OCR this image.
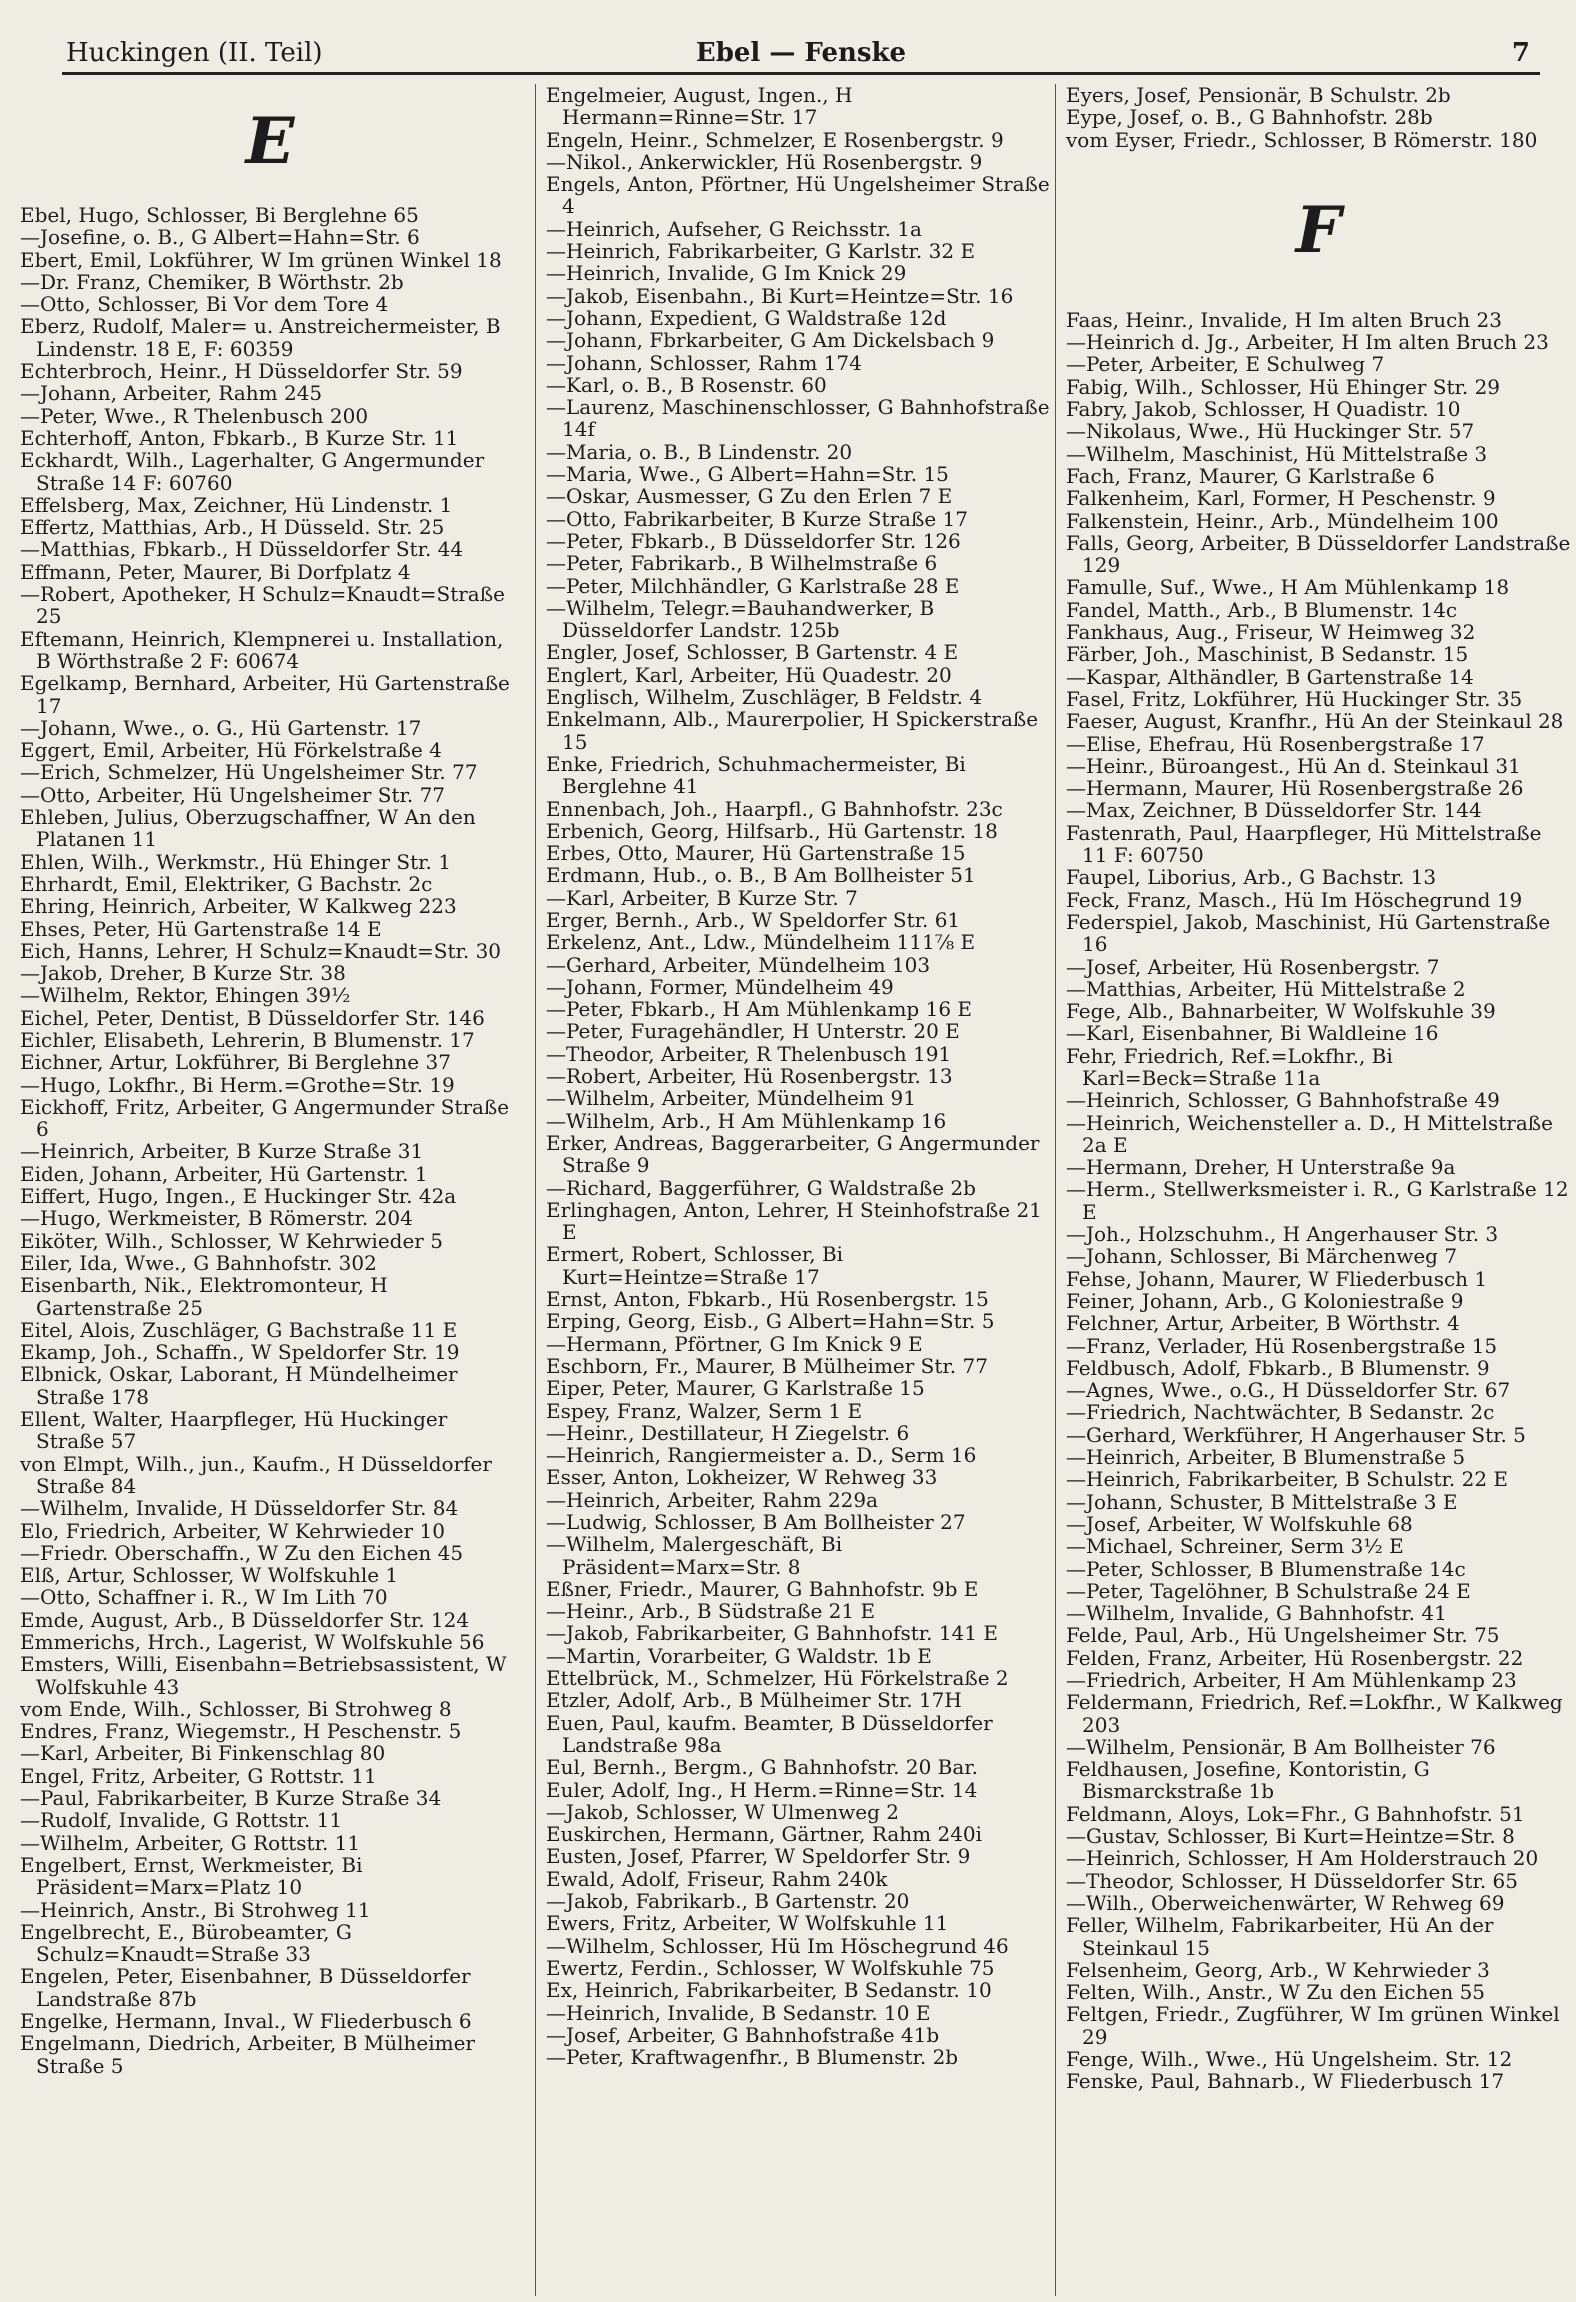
Huckingen (II. Teil)	Ebel — Fenske	7
E

Ebel, Hugo, Schlosser, Bi Berglehne 65

—Josefine, o. B., G Albert=Hahn=Str. 6

Ebert, Emil, Lokführer, W Im grünen Winkel 18

—Dr. Franz, Chemiker, B Wörthstr. 2b

—Otto, Schlosser, Bi Vor dem Tore 4

Eberz, Rudolf, Maler= u. Anstreichermeister, B Lindenstr. 18 E, F: 60359

Echterbroch, Heinr., H Düsseldorfer Str. 59

—Johann, Arbeiter, Rahm 245

—Peter, Wwe., R Thelenbusch 200

Echterhoff, Anton, Fbkarb., B Kurze Str. 11

Eckhardt, Wilh., Lagerhalter, G Angermunder Straße 14 F: 60760

Effelsberg, Max, Zeichner, Hü Lindenstr. 1

Effertz, Matthias, Arb., H Düsseld. Str. 25

—Matthias, Fbkarb., H Düsseldorfer Str. 44

Effmann, Peter, Maurer, Bi Dorfplatz 4

—Robert, Apotheker, H Schulz=Knaudt=Straße 25

Eftemann, Heinrich, Klempnerei u. Installation, B Wörthstraße 2 F: 60674

Egelkamp, Bernhard, Arbeiter, Hü Gartenstraße 17

—Johann, Wwe., o. G., Hü Gartenstr. 17

Eggert, Emil, Arbeiter, Hü Förkelstraße 4

—Erich, Schmelzer, Hü Ungelsheimer Str. 77

—Otto, Arbeiter, Hü Ungelsheimer Str. 77

Ehleben, Julius, Oberzugschaffner, W An den Platanen 11

Ehlen, Wilh., Werkmstr., Hü Ehinger Str. 1

Ehrhardt, Emil, Elektriker, G Bachstr. 2c

Ehring, Heinrich, Arbeiter, W Kalkweg 223

Ehses, Peter, Hü Gartenstraße 14 E

Eich, Hanns, Lehrer, H Schulz=Knaudt=Str. 30

—Jakob, Dreher, B Kurze Str. 38

—Wilhelm, Rektor, Ehingen 39½

Eichel, Peter, Dentist, B Düsseldorfer Str. 146

Eichler, Elisabeth, Lehrerin, B Blumenstr. 17

Eichner, Artur, Lokführer, Bi Berglehne 37

—Hugo, Lokfhr., Bi Herm.=Grothe=Str. 19

Eickhoff, Fritz, Arbeiter, G Angermunder Straße 6

—Heinrich, Arbeiter, B Kurze Straße 31

Eiden, Johann, Arbeiter, Hü Gartenstr. 1

Eiffert, Hugo, Ingen., E Huckinger Str. 42a

—Hugo, Werkmeister, B Römerstr. 204

Eiköter, Wilh., Schlosser, W Kehrwieder 5

Eiler, Ida, Wwe., G Bahnhofstr. 302

Eisenbarth, Nik., Elektromonteur, H Gartenstraße 25

Eitel, Alois, Zuschläger, G Bachstraße 11 E

Ekamp, Joh., Schaffn., W Speldorfer Str. 19

Elbnick, Oskar, Laborant, H Mündelheimer Straße 178

Ellent, Walter, Haarpfleger, Hü Huckinger Straße 57

von Elmpt, Wilh., jun., Kaufm., H Düsseldorfer Straße 84

—Wilhelm, Invalide, H Düsseldorfer Str. 84

Elo, Friedrich, Arbeiter, W Kehrwieder 10

—Friedr. Oberschaffn., W Zu den Eichen 45

Elß, Artur, Schlosser, W Wolfskuhle 1

—Otto, Schaffner i. R., W Im Lith 70

Emde, August, Arb., B Düsseldorfer Str. 124

Emmerichs, Hrch., Lagerist, W Wolfskuhle 56

Emsters, Willi, Eisenbahn=Betriebsassistent, W Wolfskuhle 43

vom Ende, Wilh., Schlosser, Bi Strohweg 8

Endres, Franz, Wiegemstr., H Peschenstr. 5

—Karl, Arbeiter, Bi Finkenschlag 80

Engel, Fritz, Arbeiter, G Rottstr. 11

—Paul, Fabrikarbeiter, B Kurze Straße 34

—Rudolf, Invalide, G Rottstr. 11

—Wilhelm, Arbeiter, G Rottstr. 11

Engelbert, Ernst, Werkmeister, Bi Präsident=Marx=Platz 10

—Heinrich, Anstr., Bi Strohweg 11

Engelbrecht, E., Bürobeamter, G Schulz=Knaudt=Straße 33

Engelen, Peter, Eisenbahner, B Düsseldorfer Landstraße 87b

Engelke, Hermann, Inval., W Fliederbusch 6

Engelmann, Diedrich, Arbeiter, B Mülheimer Straße 5

Engelmeier, August, Ingen., H Hermann=Rinne=Str. 17

Engeln, Heinr., Schmelzer, E Rosenbergstr. 9

—Nikol., Ankerwickler, Hü Rosenbergstr. 9

Engels, Anton, Pförtner, Hü Ungelsheimer Straße 4

—Heinrich, Aufseher, G Reichsstr. 1a

—Heinrich, Fabrikarbeiter, G Karlstr. 32 E

—Heinrich, Invalide, G Im Knick 29

—Jakob, Eisenbahn., Bi Kurt=Heintze=Str. 16

—Johann, Expedient, G Waldstraße 12d

—Johann, Fbrkarbeiter, G Am Dickelsbach 9

—Johann, Schlosser, Rahm 174

—Karl, o. B., B Rosenstr. 60

—Laurenz, Maschinenschlosser, G Bahnhofstraße 14f

—Maria, o. B., B Lindenstr. 20

—Maria, Wwe., G Albert=Hahn=Str. 15

—Oskar, Ausmesser, G Zu den Erlen 7 E

—Otto, Fabrikarbeiter, B Kurze Straße 17

—Peter, Fbkarb., B Düsseldorfer Str. 126

—Peter, Fabrikarb., B Wilhelmstraße 6

—Peter, Milchhändler, G Karlstraße 28 E

—Wilhelm, Telegr.=Bauhandwerker, B Düsseldorfer Landstr. 125b

Engler, Josef, Schlosser, B Gartenstr. 4 E

Englert, Karl, Arbeiter, Hü Quadestr. 20

Englisch, Wilhelm, Zuschläger, B Feldstr. 4

Enkelmann, Alb., Maurerpolier, H Spickerstraße 15

Enke, Friedrich, Schuhmachermeister, Bi Berglehne 41

Ennenbach, Joh., Haarpfl., G Bahnhofstr. 23c

Erbenich, Georg, Hilfsarb., Hü Gartenstr. 18

Erbes, Otto, Maurer, Hü Gartenstraße 15

Erdmann, Hub., o. B., B Am Bollheister 51

—Karl, Arbeiter, B Kurze Str. 7

Erger, Bernh., Arb., W Speldorfer Str. 61

Erkelenz, Ant., Ldw., Mündelheim 111⅞ E

—Gerhard, Arbeiter, Mündelheim 103

—Johann, Former, Mündelheim 49

—Peter, Fbkarb., H Am Mühlenkamp 16 E

—Peter, Furagehändler, H Unterstr. 20 E

—Theodor, Arbeiter, R Thelenbusch 191

—Robert, Arbeiter, Hü Rosenbergstr. 13

—Wilhelm, Arbeiter, Mündelheim 91

—Wilhelm, Arb., H Am Mühlenkamp 16

Erker, Andreas, Baggerarbeiter, G Angermunder Straße 9

—Richard, Baggerführer, G Waldstraße 2b

Erlinghagen, Anton, Lehrer, H Steinhofstraße 21 E

Ermert, Robert, Schlosser, Bi Kurt=Heintze=Straße 17

Ernst, Anton, Fbkarb., Hü Rosenbergstr. 15

Erping, Georg, Eisb., G Albert=Hahn=Str. 5

—Hermann, Pförtner, G Im Knick 9 E

Eschborn, Fr., Maurer, B Mülheimer Str. 77

Eiper, Peter, Maurer, G Karlstraße 15

Espey, Franz, Walzer, Serm 1 E

—Heinr., Destillateur, H Ziegelstr. 6

—Heinrich, Rangiermeister a. D., Serm 16

Esser, Anton, Lokheizer, W Rehweg 33

—Heinrich, Arbeiter, Rahm 229a

—Ludwig, Schlosser, B Am Bollheister 27

—Wilhelm, Malergeschäft, Bi Präsident=Marx=Str. 8

Eßner, Friedr., Maurer, G Bahnhofstr. 9b E

—Heinr., Arb., B Südstraße 21 E

—Jakob, Fabrikarbeiter, G Bahnhofstr. 141 E

—Martin, Vorarbeiter, G Waldstr. 1b E

Ettelbrück, M., Schmelzer, Hü Förkelstraße 2

Etzler, Adolf, Arb., B Mülheimer Str. 17H

Euen, Paul, kaufm. Beamter, B Düsseldorfer Landstraße 98a

Eul, Bernh., Bergm., G Bahnhofstr. 20 Bar.

Euler, Adolf, Ing., H Herm.=Rinne=Str. 14

—Jakob, Schlosser, W Ulmenweg 2

Euskirchen, Hermann, Gärtner, Rahm 240i

Eusten, Josef, Pfarrer, W Speldorfer Str. 9

Ewald, Adolf, Friseur, Rahm 240k

—Jakob, Fabrikarb., B Gartenstr. 20

Ewers, Fritz, Arbeiter, W Wolfskuhle 11

—Wilhelm, Schlosser, Hü Im Höschegrund 46

Ewertz, Ferdin., Schlosser, W Wolfskuhle 75

Ex, Heinrich, Fabrikarbeiter, B Sedanstr. 10

—Heinrich, Invalide, B Sedanstr. 10 E

—Josef, Arbeiter, G Bahnhofstraße 41b

—Peter, Kraftwagenfhr., B Blumenstr. 2b

Eyers, Josef, Pensionär, B Schulstr. 2b

Eype, Josef, o. B., G Bahnhofstr. 28b

vom Eyser, Friedr., Schlosser, B Römerstr. 180

F

Faas, Heinr., Invalide, H Im alten Bruch 23

—Heinrich d. Jg., Arbeiter, H Im alten Bruch 23

—Peter, Arbeiter, E Schulweg 7

Fabig, Wilh., Schlosser, Hü Ehinger Str. 29

Fabry, Jakob, Schlosser, H Quadistr. 10

—Nikolaus, Wwe., Hü Huckinger Str. 57

—Wilhelm, Maschinist, Hü Mittelstraße 3

Fach, Franz, Maurer, G Karlstraße 6

Falkenheim, Karl, Former, H Peschenstr. 9

Falkenstein, Heinr., Arb., Mündelheim 100

Falls, Georg, Arbeiter, B Düsseldorfer Landstraße 129

Famulle, Suf., Wwe., H Am Mühlenkamp 18

Fandel, Matth., Arb., B Blumenstr. 14c

Fankhaus, Aug., Friseur, W Heimweg 32

Färber, Joh., Maschinist, B Sedanstr. 15

—Kaspar, Althändler, B Gartenstraße 14

Fasel, Fritz, Lokführer, Hü Huckinger Str. 35

Faeser, August, Kranfhr., Hü An der Steinkaul 28

—Elise, Ehefrau, Hü Rosenbergstraße 17

—Heinr., Büroangest., Hü An d. Steinkaul 31

—Hermann, Maurer, Hü Rosenbergstraße 26

—Max, Zeichner, B Düsseldorfer Str. 144

Fastenrath, Paul, Haarpfleger, Hü Mittelstraße 11 F: 60750

Faupel, Liborius, Arb., G Bachstr. 13

Feck, Franz, Masch., Hü Im Höschegrund 19

Federspiel, Jakob, Maschinist, Hü Gartenstraße 16

—Josef, Arbeiter, Hü Rosenbergstr. 7

—Matthias, Arbeiter, Hü Mittelstraße 2

Fege, Alb., Bahnarbeiter, W Wolfskuhle 39

—Karl, Eisenbahner, Bi Waldleine 16

Fehr, Friedrich, Ref.=Lokfhr., Bi Karl=Beck=Straße 11a

—Heinrich, Schlosser, G Bahnhofstraße 49

—Heinrich, Weichensteller a. D., H Mittelstraße 2a E

—Hermann, Dreher, H Unterstraße 9a

—Herm., Stellwerksmeister i. R., G Karlstraße 12 E

—Joh., Holzschuhm., H Angerhauser Str. 3

—Johann, Schlosser, Bi Märchenweg 7

Fehse, Johann, Maurer, W Fliederbusch 1

Feiner, Johann, Arb., G Koloniestraße 9

Felchner, Artur, Arbeiter, B Wörthstr. 4

—Franz, Verlader, Hü Rosenbergstraße 15

Feldbusch, Adolf, Fbkarb., B Blumenstr. 9

—Agnes, Wwe., o.G., H Düsseldorfer Str. 67

—Friedrich, Nachtwächter, B Sedanstr. 2c

—Gerhard, Werkführer, H Angerhauser Str. 5

—Heinrich, Arbeiter, B Blumenstraße 5

—Heinrich, Fabrikarbeiter, B Schulstr. 22 E

—Johann, Schuster, B Mittelstraße 3 E

—Josef, Arbeiter, W Wolfskuhle 68

—Michael, Schreiner, Serm 3½ E

—Peter, Schlosser, B Blumenstraße 14c

—Peter, Tagelöhner, B Schulstraße 24 E

—Wilhelm, Invalide, G Bahnhofstr. 41

Felde, Paul, Arb., Hü Ungelsheimer Str. 75

Felden, Franz, Arbeiter, Hü Rosenbergstr. 22

—Friedrich, Arbeiter, H Am Mühlenkamp 23

Feldermann, Friedrich, Ref.=Lokfhr., W Kalkweg 203

—Wilhelm, Pensionär, B Am Bollheister 76

Feldhausen, Josefine, Kontoristin, G Bismarckstraße 1b

Feldmann, Aloys, Lok=Fhr., G Bahnhofstr. 51

—Gustav, Schlosser, Bi Kurt=Heintze=Str. 8

—Heinrich, Schlosser, H Am Holderstrauch 20

—Theodor, Schlosser, H Düsseldorfer Str. 65

—Wilh., Oberweichenwärter, W Rehweg 69

Feller, Wilhelm, Fabrikarbeiter, Hü An der Steinkaul 15

Felsenheim, Georg, Arb., W Kehrwieder 3

Felten, Wilh., Anstr., W Zu den Eichen 55

Feltgen, Friedr., Zugführer, W Im grünen Winkel 29

Fenge, Wilh., Wwe., Hü Ungelsheim. Str. 12

Fenske, Paul, Bahnarb., W Fliederbusch 17
